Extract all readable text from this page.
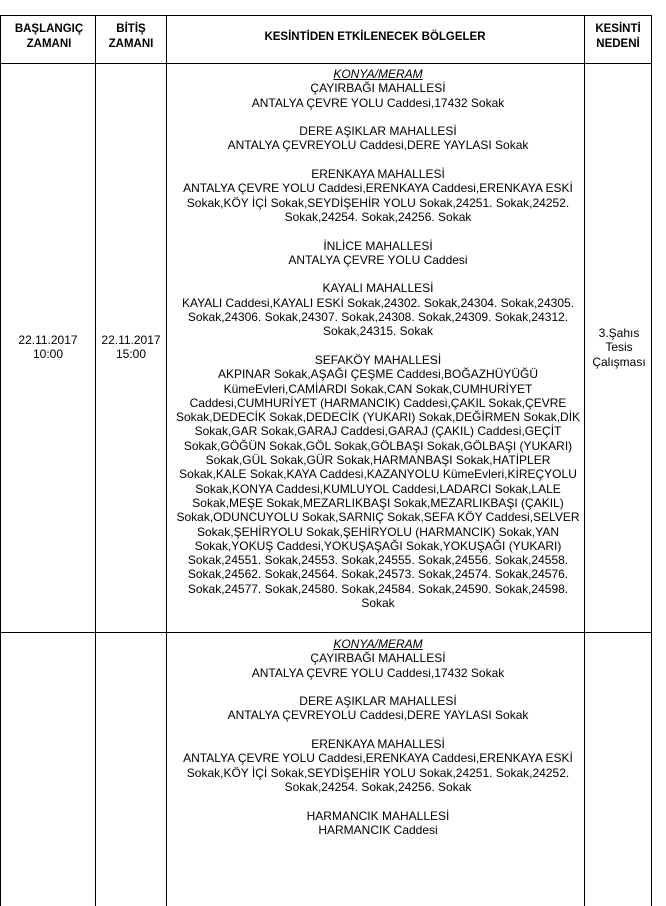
BAŞLANGIÇ ZAMANI
BİTİŞ ZAMANI
KESİNTİDEN ETKİLENECEK BÖLGELER
KESİNTİ NEDENİ
22.11.2017
10:00
22.11.2017
15:00
3.Şahıs Tesis Çalışması
KONYA/MERAM
ÇAYIRBAĞI MAHALLESİ
ANTALYA ÇEVRE YOLU Caddesi,17432 Sokak
DERE AŞIKLAR MAHALLESİ
ANTALYA ÇEVREYOLU Caddesi,DERE YAYLASI Sokak
ERENKAYA MAHALLESİ
ANTALYA ÇEVRE YOLU Caddesi,ERENKAYA Caddesi,ERENKAYA ESKİ Sokak,KÖY İÇİ Sokak,SEYDİŞEHİR YOLU Sokak,24251. Sokak,24252. Sokak,24254. Sokak,24256. Sokak
İNLİCE MAHALLESİ
ANTALYA ÇEVRE YOLU Caddesi
KAYALI MAHALLESİ
KAYALI Caddesi,KAYALI ESKİ Sokak,24302. Sokak,24304. Sokak,24305. Sokak,24306. Sokak,24307. Sokak,24308. Sokak,24309. Sokak,24312. Sokak,24315. Sokak
SEFAKÖY MAHALLESİ
AKPINAR Sokak,AŞAĞI ÇEŞME Caddesi,BOĞAZHÜYÜĞÜ KümeEvleri,CAMİARDI Sokak,CAN Sokak,CUMHURİYET Caddesi,CUMHURİYET (HARMANCIK) Caddesi,ÇAKIL Sokak,ÇEVRE Sokak,DEDECİK Sokak,DEDECİK (YUKARI) Sokak,DEĞİRMEN Sokak,DİK Sokak,GAR Sokak,GARAJ Caddesi,GARAJ (ÇAKIL) Caddesi,GEÇİT Sokak,GÖĞÜN Sokak,GÖL Sokak,GÖLBAŞI Sokak,GÖLBAŞI (YUKARI) Sokak,GÜL Sokak,GÜR Sokak,HARMANBAŞI Sokak,HATİPLER Sokak,KALE Sokak,KAYA Caddesi,KAZANYOLU KümeEvleri,KİREÇYOLU Sokak,KONYA Caddesi,KUMLUYOL Caddesi,LADARCI Sokak,LALE Sokak,MEŞE Sokak,MEZARLIKBAŞI Sokak,MEZARLIKBAŞI (ÇAKIL) Sokak,ODUNCUYOLU Sokak,SARNIÇ Sokak,SEFA KÖY Caddesi,SELVER Sokak,ŞEHİRYOLU Sokak,ŞEHİRYOLU (HARMANCIK) Sokak,YAN Sokak,YOKUŞ Caddesi,YOKUŞAŞAĞI Sokak,YOKUŞAĞI (YUKARI) Sokak,24551. Sokak,24553. Sokak,24555. Sokak,24556. Sokak,24558. Sokak,24562. Sokak,24564. Sokak,24573. Sokak,24574. Sokak,24576. Sokak,24577. Sokak,24580. Sokak,24584. Sokak,24590. Sokak,24598. Sokak
KONYA/MERAM
ÇAYIRBAĞI MAHALLESİ
ANTALYA ÇEVRE YOLU Caddesi,17432 Sokak
DERE AŞIKLAR MAHALLESİ
ANTALYA ÇEVREYOLU Caddesi,DERE YAYLASI Sokak
ERENKAYA MAHALLESİ
ANTALYA ÇEVRE YOLU Caddesi,ERENKAYA Caddesi,ERENKAYA ESKİ Sokak,KÖY İÇİ Sokak,SEYDİŞEHİR YOLU Sokak,24251. Sokak,24252. Sokak,24254. Sokak,24256. Sokak
HARMANCIK MAHALLESİ
HARMANCIK Caddesi
